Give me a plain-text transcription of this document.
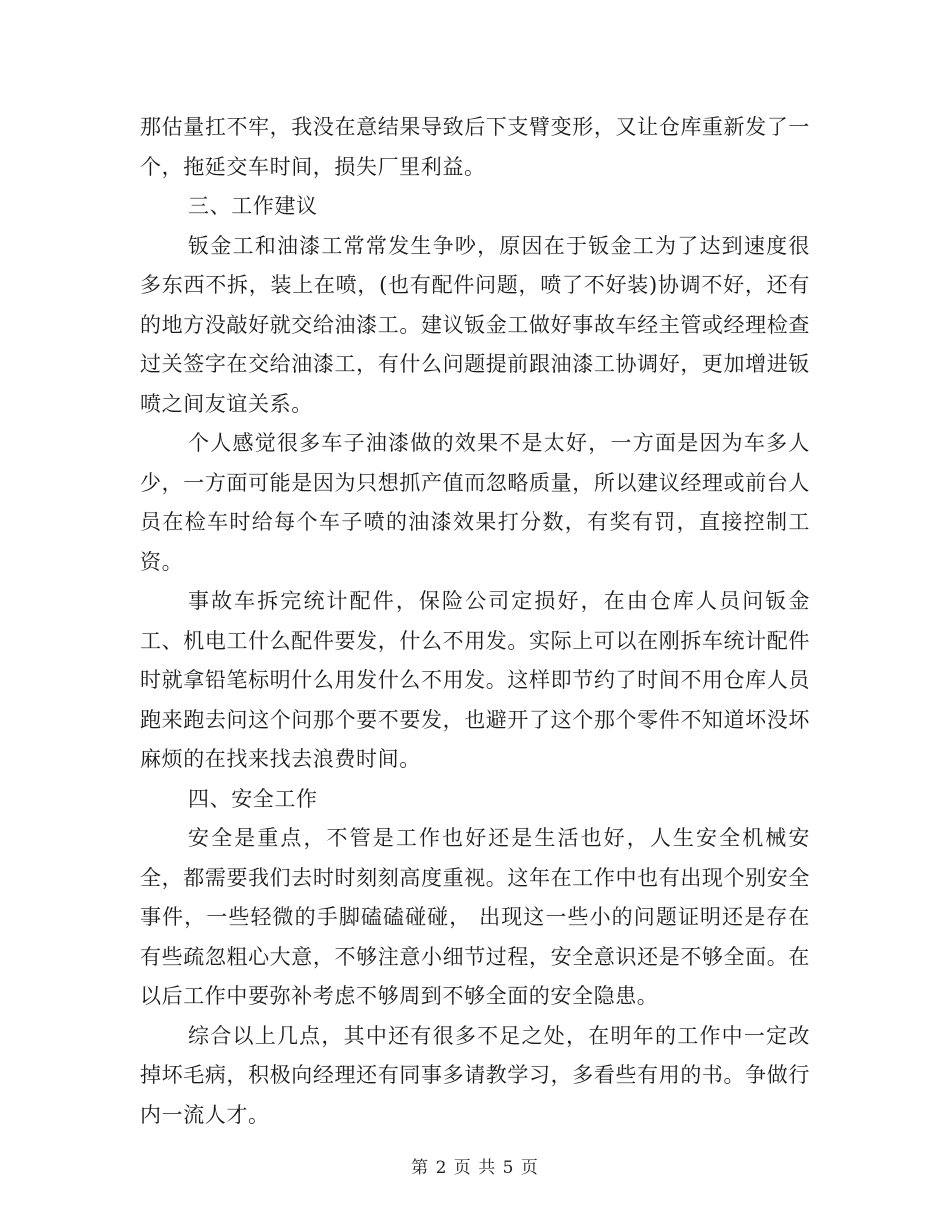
那估量扛不牢，我没在意结果导致后下支臂变形，又让仓库重新发了一个，拖延交车时间，损失厂里利益。

三、工作建议

钣金工和油漆工常常发生争吵，原因在于钣金工为了达到速度很多东西不拆，装上在喷，(也有配件问题，喷了不好装)协调不好，还有的地方没敲好就交给油漆工。建议钣金工做好事故车经主管或经理检查过关签字在交给油漆工，有什么问题提前跟油漆工协调好，更加增进钣喷之间友谊关系。

个人感觉很多车子油漆做的效果不是太好，一方面是因为车多人少，一方面可能是因为只想抓产值而忽略质量，所以建议经理或前台人员在检车时给每个车子喷的油漆效果打分数，有奖有罚，直接控制工资。

事故车拆完统计配件，保险公司定损好，在由仓库人员问钣金工、机电工什么配件要发，什么不用发。实际上可以在刚拆车统计配件时就拿铅笔标明什么用发什么不用发。这样即节约了时间不用仓库人员跑来跑去问这个问那个要不要发，也避开了这个那个零件不知道坏没坏麻烦的在找来找去浪费时间。

四、安全工作

安全是重点，不管是工作也好还是生活也好，人生安全机械安全，都需要我们去时时刻刻高度重视。这年在工作中也有出现个别安全事件，一些轻微的手脚磕磕碰碰， 出现这一些小的问题证明还是存在有些疏忽粗心大意，不够注意小细节过程，安全意识还是不够全面。在以后工作中要弥补考虑不够周到不够全面的安全隐患。

综合以上几点，其中还有很多不足之处，在明年的工作中一定改掉坏毛病，积极向经理还有同事多请教学习，多看些有用的书。争做行内一流人才。

第 2 页 共 5 页
